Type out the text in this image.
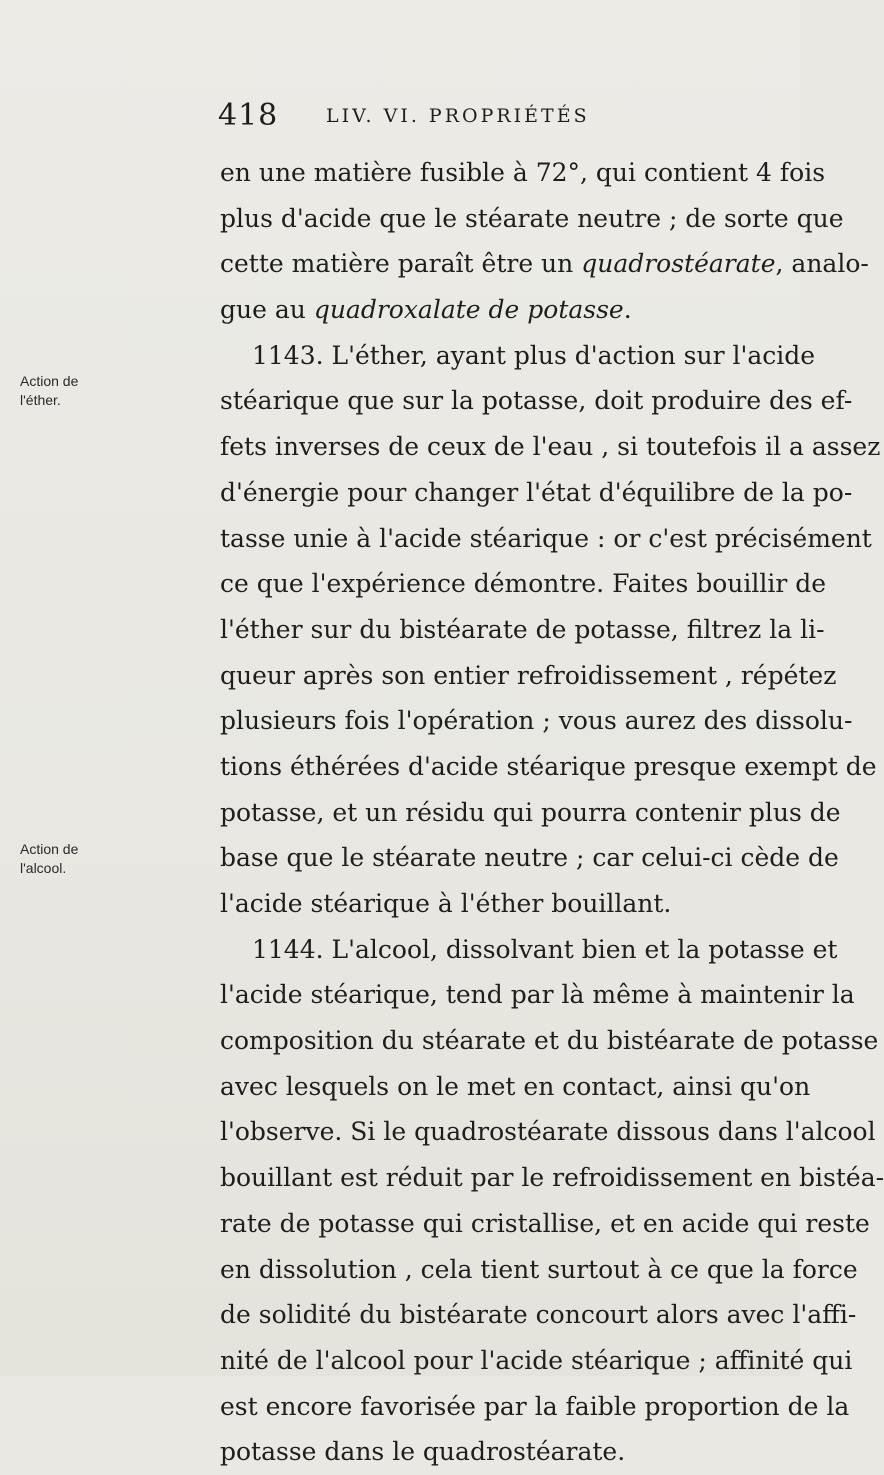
418	LIV. VI. PROPRIÉTÉS
Action de
l'éther.
Action de
l'alcool.
en une matière fusible à 72°, qui contient 4 fois
plus d'acide que le stéarate neutre ; de sorte que
cette matière paraît être un quadrostéarate, analo-
gue au quadroxalate de potasse.
1143. L'éther, ayant plus d'action sur l'acide
stéarique que sur la potasse, doit produire des ef-
fets inverses de ceux de l'eau , si toutefois il a assez
d'énergie pour changer l'état d'équilibre de la po-
tasse unie à l'acide stéarique : or c'est précisément
ce que l'expérience démontre. Faites bouillir de
l'éther sur du bistéarate de potasse, filtrez la li-
queur après son entier refroidissement , répétez
plusieurs fois l'opération ; vous aurez des dissolu-
tions éthérées d'acide stéarique presque exempt de
potasse, et un résidu qui pourra contenir plus de
base que le stéarate neutre ; car celui-ci cède de
l'acide stéarique à l'éther bouillant.
1144. L'alcool, dissolvant bien et la potasse et
l'acide stéarique, tend par là même à maintenir la
composition du stéarate et du bistéarate de potasse
avec lesquels on le met en contact, ainsi qu'on
l'observe. Si le quadrostéarate dissous dans l'alcool
bouillant est réduit par le refroidissement en bistéa-
rate de potasse qui cristallise, et en acide qui reste
en dissolution , cela tient surtout à ce que la force
de solidité du bistéarate concourt alors avec l'affi-
nité de l'alcool pour l'acide stéarique ; affinité qui
est encore favorisée par la faible proportion de la
potasse dans le quadrostéarate.
